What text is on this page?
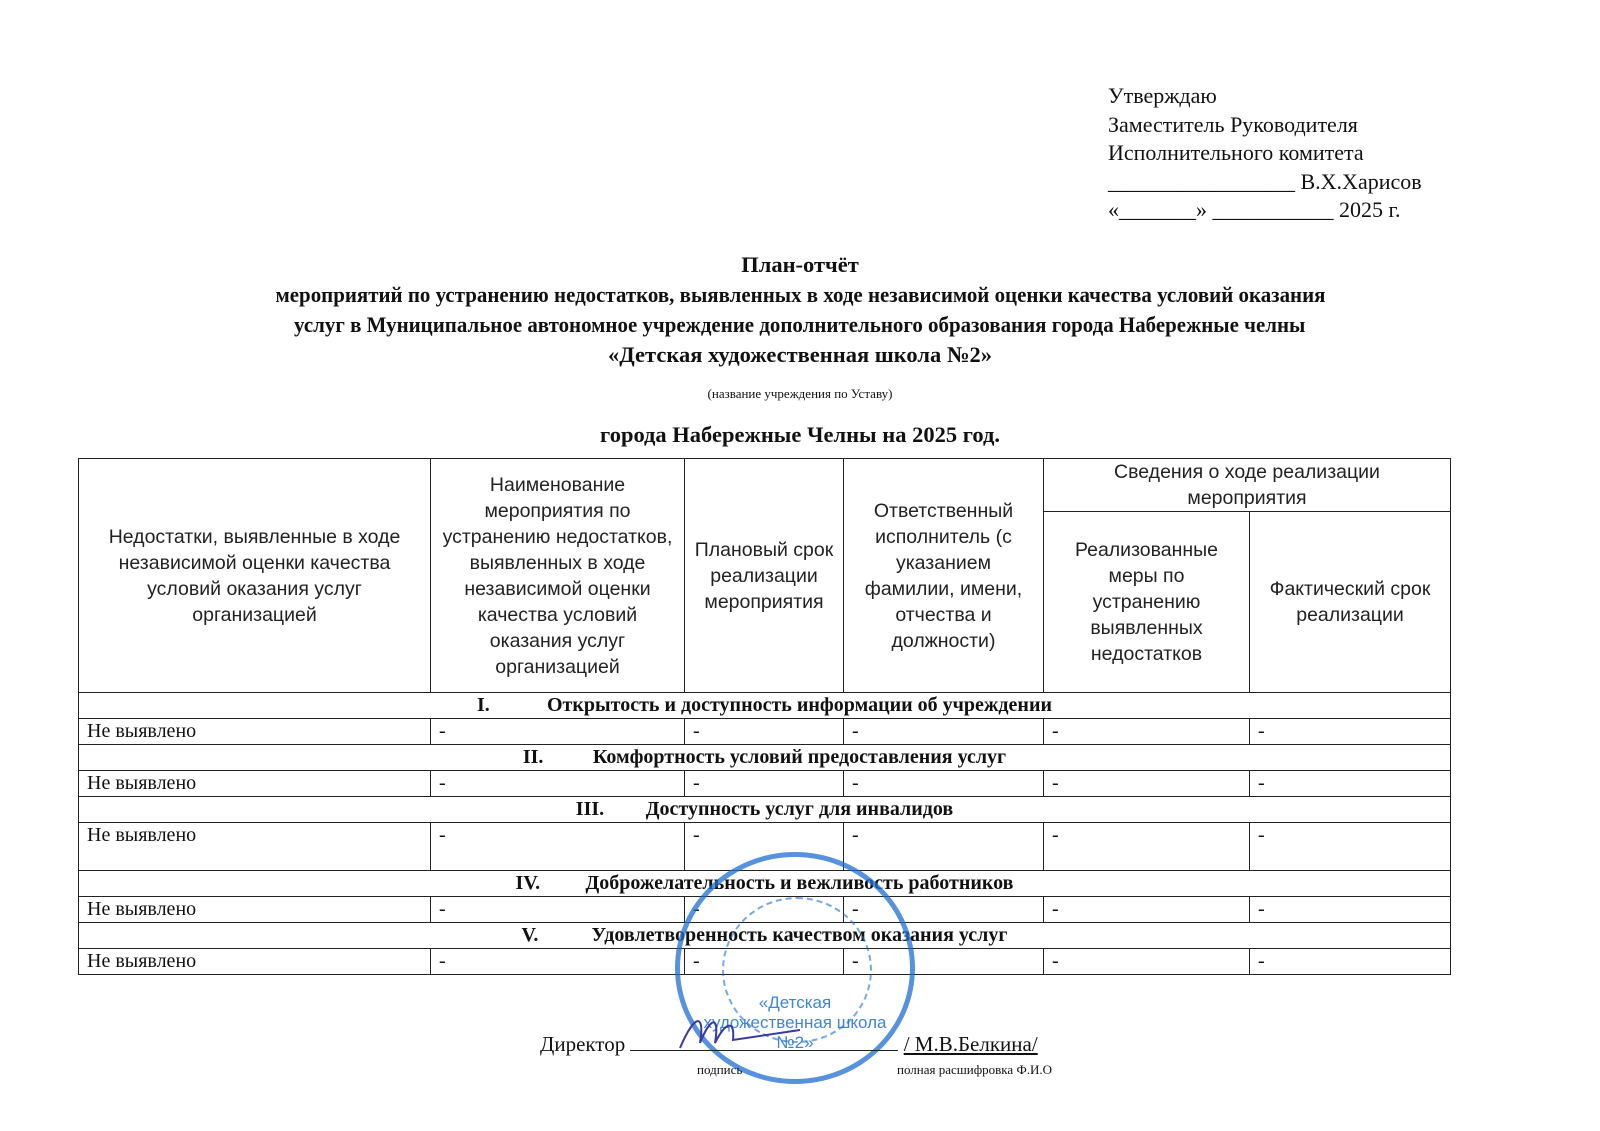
Утверждаю
Заместитель Руководителя
Исполнительного комитета
_________________ В.Х.Харисов
«_______» ___________ 2025 г.
План-отчёт
мероприятий по устранению недостатков, выявленных в ходе независимой оценки качества условий оказания
услуг в Муниципальное автономное учреждение дополнительного образования города Набережные челны
«Детская художественная школа №2»
(название учреждения по Уставу)
города Набережные Челны на 2025 год.
Недостатки, выявленные в ходе независимой оценки качества условий оказания услуг организацией	Наименование мероприятия по устранению недостатков, выявленных в ходе независимой оценки качества условий оказания услуг организацией	Плановый срок реализации мероприятия	Ответственный исполнитель (с указанием фамилии, имени, отчества и должности)	Сведения о ходе реализации мероприятия	
				Реализованные меры по устранению выявленных недостатков	Фактический срок реализации
I. Открытость и доступность информации об учреждении					
Не выявлено	-	-	-	-	-
II. Комфортность условий предоставления услуг					
Не выявлено	-	-	-	-	-
III. Доступность услуг для инвалидов					
Не выявлено	-	-	-	-	-
IV. Доброжелательность и вежливость работников					
Не выявлено	-	-	-	-	-
V. Удовлетворенность качеством оказания услуг					
Не выявлено	-	-	-	-	-
«Детская художественная школа №2»
Директор	/ М.В.Белкина/
подпись	полная расшифровка Ф.И.О
